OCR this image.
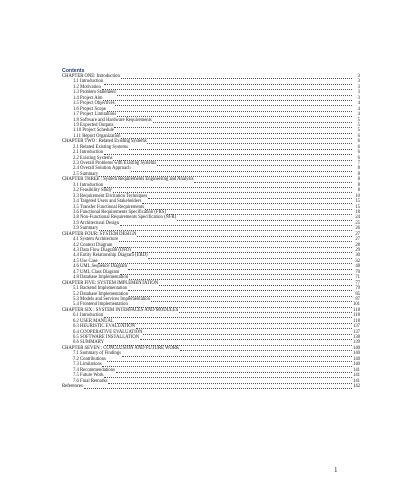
Contents
CHAPTER ONE: Introduction	3
1.1 Introduction	3
1.2 Motivation	3
1.3 Problem Statement	3
1.4 Project Aim	3
1.5 Project Objectives	4
1.6 Project Scope	4
1.7 Project Limitations	4
1.8 Software and Hardware Requirements	5
1.9 Expected Outputs	5
1.10 Project Schedule	5
1.11 Report Organization	6
CHAPTER TWO : Related Existing Systems	6
2.1 Related Existing Systems	6
2.1 Introduction	6
2.2 Existing Systems	6
2.3 Overall Problems with Existing Systems	7
2.4 Overall Solution Approach	8
2.5 Summary	8
CHAPTER THREE : System Requirements Engineering and Analysis	8
3.1 Introduction	8
3.2 Feasibility Study	8
3.3 Requirement Elicitation Techniques	10
3.4 Targeted Users and Stakeholders	15
3.5 Transfer Functional Requirements	15
3.6 Functional Requirements Specification (FRS)	18
3.8 Non-Functional Requirements Specification (NFR)	24
3.9 Architectural Design	25
3.9 Summary	26
CHAPTER FOUR: SYSTEM DESIGN	27
4.1 System Architecture	27
4.2 Context Diagram	28
4.3 Data Flow Diagram (DFD)	29
4.4 Entity Relationship Diagram (ERD)	30
4.5 Use Case	32
4.6 UML Sequence Diagram	48
4.7 UML Class Diagram	70
4.8 Database Implementation	71
CHAPTER FIVE: SYSTEM IMPLEMENTATION	77
5.1 Backend Implementation	79
5.2 Database Implementation	85
5.3 Models and Services Implementation	87
5.4 Frontend Implementation	101
CHAPTER SIX : SYSTEM INTERFACES AND MODULES	118
6.1 Introduction	118
6.2 USER MANUAL	118
6.3 HEURISTIC EVALUATION	137
6.4 COOPERATIVE EVALUATION	137
6.5 SOFTWARE INSTALLATION	138
6.6 SUMMARY	139
CHAPTER SEVEN : CONCLUSION AND FUTURE WORK	140
7.1 Summary of Findings	140
7.2 Contributions	140
7.3 Limitations	140
7.4 Recommendations	141
7.5 Future Work	141
7.6 Final Remarks	141
References	142
1
